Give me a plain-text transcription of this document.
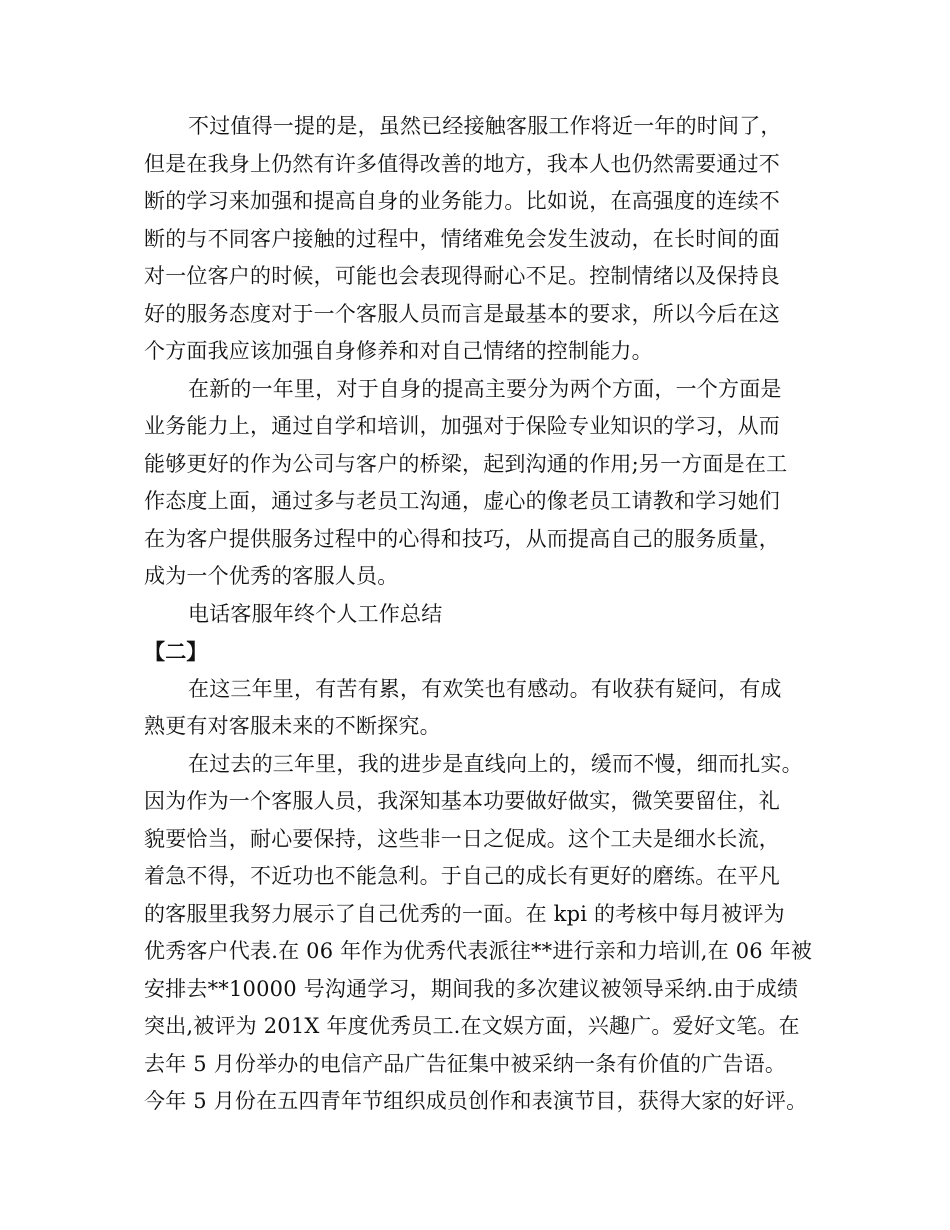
不过值得一提的是，虽然已经接触客服工作将近一年的时间了，
但是在我身上仍然有许多值得改善的地方，我本人也仍然需要通过不
断的学习来加强和提高自身的业务能力。比如说，在高强度的连续不
断的与不同客户接触的过程中，情绪难免会发生波动，在长时间的面
对一位客户的时候，可能也会表现得耐心不足。控制情绪以及保持良
好的服务态度对于一个客服人员而言是最基本的要求，所以今后在这
个方面我应该加强自身修养和对自己情绪的控制能力。
在新的一年里，对于自身的提高主要分为两个方面，一个方面是
业务能力上，通过自学和培训，加强对于保险专业知识的学习，从而
能够更好的作为公司与客户的桥梁，起到沟通的作用;另一方面是在工
作态度上面，通过多与老员工沟通，虚心的像老员工请教和学习她们
在为客户提供服务过程中的心得和技巧，从而提高自己的服务质量，
成为一个优秀的客服人员。
电话客服年终个人工作总结
【二】
在这三年里，有苦有累，有欢笑也有感动。有收获有疑问，有成
熟更有对客服未来的不断探究。
在过去的三年里，我的进步是直线向上的，缓而不慢，细而扎实。
因为作为一个客服人员，我深知基本功要做好做实，微笑要留住，礼
貌要恰当，耐心要保持，这些非一日之促成。这个工夫是细水长流，
着急不得，不近功也不能急利。于自己的成长有更好的磨练。在平凡
的客服里我努力展示了自己优秀的一面。在 kpi 的考核中每月被评为
优秀客户代表.在 06 年作为优秀代表派往**进行亲和力培训,在 06 年被
安排去**10000 号沟通学习，期间我的多次建议被领导采纳.由于成绩
突出,被评为 201X 年度优秀员工.在文娱方面，兴趣广。爱好文笔。在
去年 5 月份举办的电信产品广告征集中被采纳一条有价值的广告语。
今年 5 月份在五四青年节组织成员创作和表演节目，获得大家的好评。
